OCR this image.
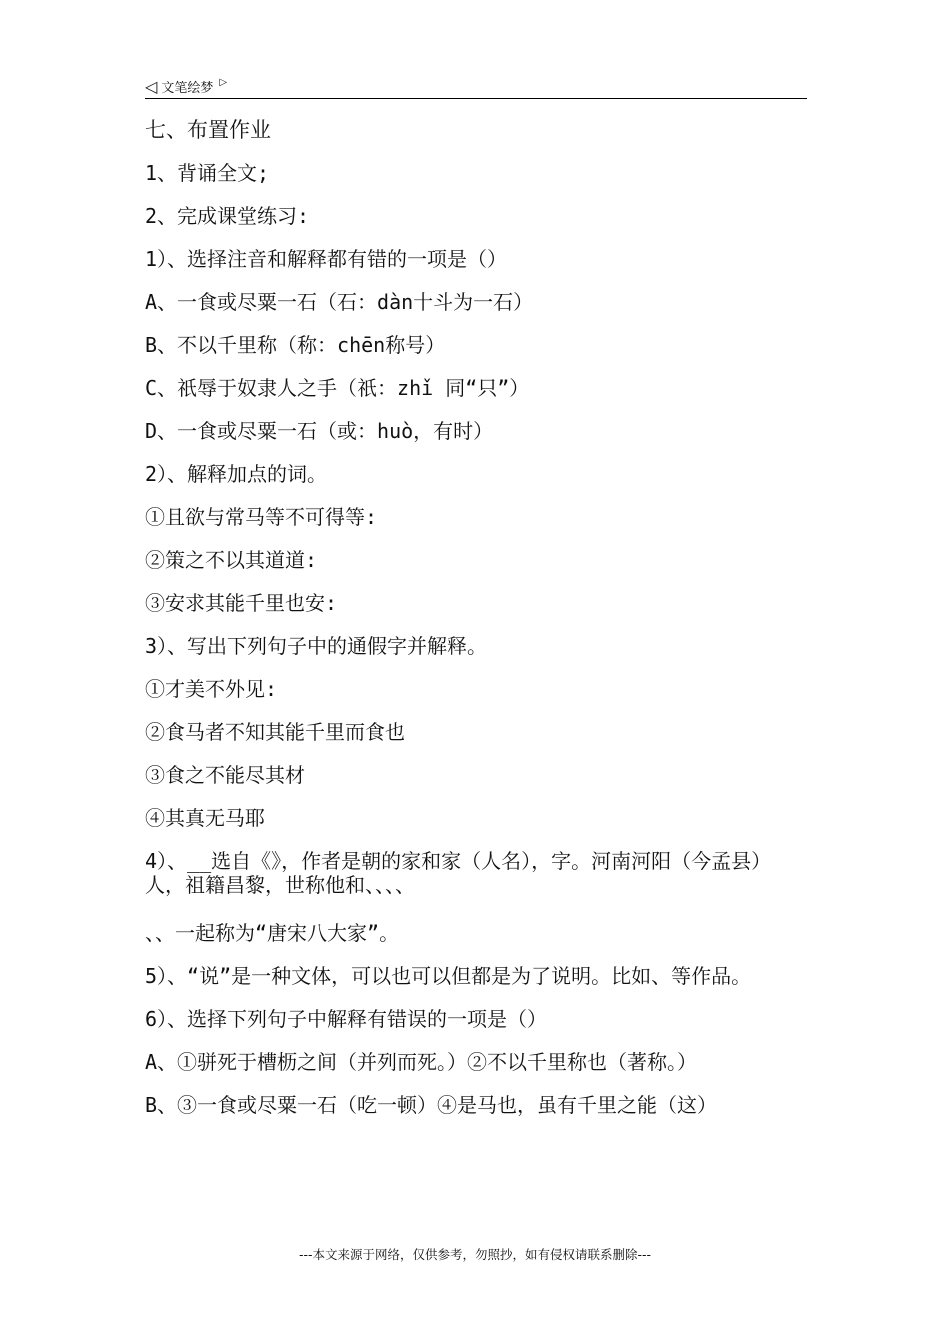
◁ 文笔绘梦 ▷
七、布置作业
1、背诵全文;
2、完成课堂练习:
1）、选择注音和解释都有错的一项是（）
A、一食或尽粟一石（石：dàn十斗为一石）
B、不以千里称（称：chēn称号）
C、祇辱于奴隶人之手（祇：zhǐ 同“只”）
D、一食或尽粟一石（或：huò，有时）
2）、解释加点的词。
①且欲与常马等不可得等:
②策之不以其道道:
③安求其能千里也安:
3）、写出下列句子中的通假字并解释。
①才美不外见:
②食马者不知其能千里而食也
③食之不能尽其材
④其真无马耶
4）、__选自《》，作者是朝的家和家（人名），字。河南河阳（今孟县）人，祖籍昌黎，世称他和、、、、
、、一起称为“唐宋八大家”。
5）、“说”是一种文体，可以也可以但都是为了说明。比如、等作品。
6）、选择下列句子中解释有错误的一项是（）
A、①骈死于槽枥之间（并列而死。）②不以千里称也（著称。）
B、③一食或尽粟一石（吃一顿）④是马也，虽有千里之能（这）
---本文来源于网络，仅供参考，勿照抄，如有侵权请联系删除---
